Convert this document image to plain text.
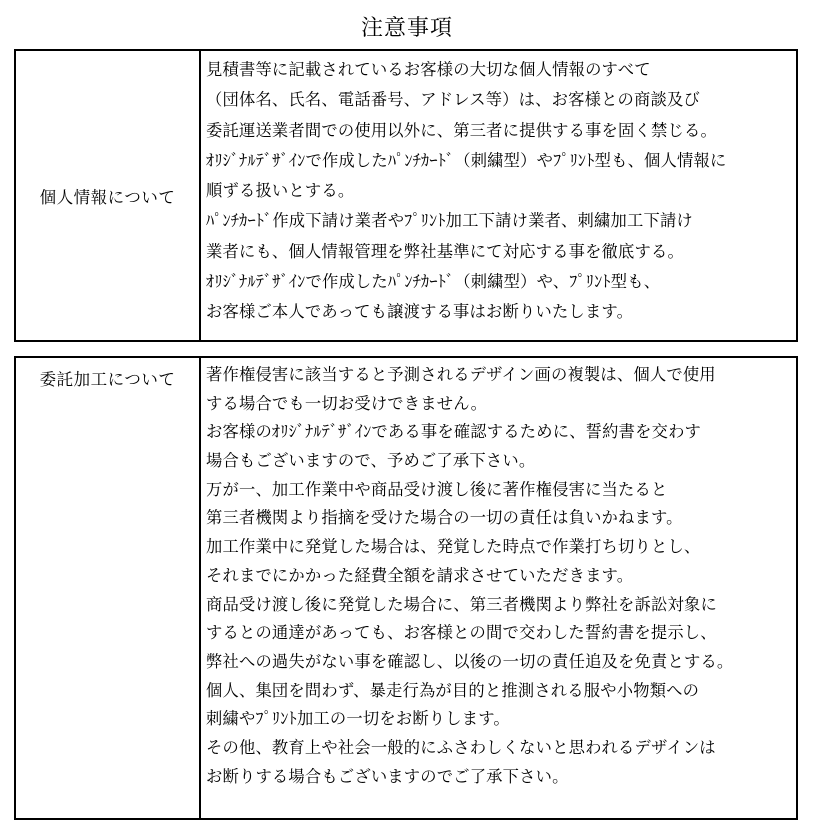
注意事項
個人情報について
見積書等に記載されているお客様の大切な個人情報のすべて
（団体名、氏名、電話番号、アドレス等）は、お客様との商談及び
委託運送業者間での使用以外に、第三者に提供する事を固く禁じる。
ｵﾘｼﾞﾅﾙﾃﾞｻﾞｲﾝで作成したﾊﾟﾝﾁｶｰﾄﾞ（刺繍型）やﾌﾟﾘﾝﾄ型も、個人情報に
順ずる扱いとする。
ﾊﾟﾝﾁｶｰﾄﾞ作成下請け業者やﾌﾟﾘﾝﾄ加工下請け業者、刺繍加工下請け
業者にも、個人情報管理を弊社基準にて対応する事を徹底する。
ｵﾘｼﾞﾅﾙﾃﾞｻﾞｲﾝで作成したﾊﾟﾝﾁｶｰﾄﾞ（刺繍型）や、ﾌﾟﾘﾝﾄ型も、
お客様ご本人であっても譲渡する事はお断りいたします。
委託加工について	著作権侵害に該当すると予測されるデザイン画の複製は、個人で使用
する場合でも一切お受けできません。
お客様のｵﾘｼﾞﾅﾙﾃﾞｻﾞｲﾝである事を確認するために、誓約書を交わす
場合もございますので、予めご了承下さい。
万が一、加工作業中や商品受け渡し後に著作権侵害に当たると
第三者機関より指摘を受けた場合の一切の責任は負いかねます。
加工作業中に発覚した場合は、発覚した時点で作業打ち切りとし、
それまでにかかった経費全額を請求させていただきます。
商品受け渡し後に発覚した場合に、第三者機関より弊社を訴訟対象に
するとの通達があっても、お客様との間で交わした誓約書を提示し、
弊社への過失がない事を確認し、以後の一切の責任追及を免責とする。
個人、集団を問わず、暴走行為が目的と推測される服や小物類への
刺繍やﾌﾟﾘﾝﾄ加工の一切をお断りします。
その他、教育上や社会一般的にふさわしくないと思われるデザインは
お断りする場合もございますのでご了承下さい。
